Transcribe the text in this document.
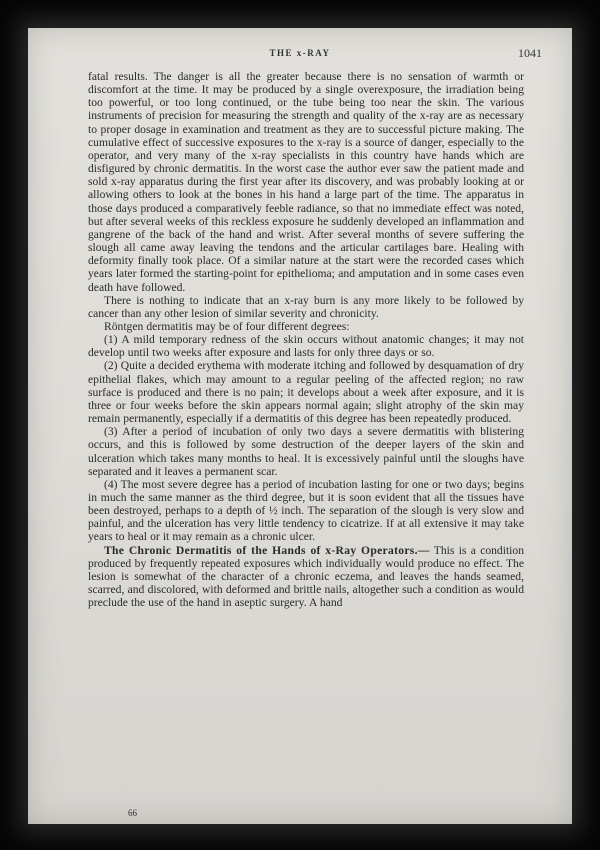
THE x-RAY	1041

fatal results. The danger is all the greater because there is no sensation of warmth or discomfort at the time. It may be produced by a single overexposure, the irradiation being too powerful, or too long continued, or the tube being too near the skin. The various instruments of precision for measuring the strength and quality of the x-ray are as necessary to proper dosage in examination and treatment as they are to successful picture making. The cumulative effect of successive exposures to the x-ray is a source of danger, especially to the operator, and very many of the x-ray specialists in this country have hands which are disfigured by chronic dermatitis. In the worst case the author ever saw the patient made and sold x-ray apparatus during the first year after its discovery, and was probably looking at or allowing others to look at the bones in his hand a large part of the time. The apparatus in those days produced a comparatively feeble radiance, so that no immediate effect was noted, but after several weeks of this reckless exposure he suddenly developed an inflammation and gangrene of the back of the hand and wrist. After several months of severe suffering the slough all came away leaving the tendons and the articular cartilages bare. Healing with deformity finally took place. Of a similar nature at the start were the recorded cases which years later formed the starting-point for epithelioma; and amputation and in some cases even death have followed.

There is nothing to indicate that an x-ray burn is any more likely to be followed by cancer than any other lesion of similar severity and chronicity.

Röntgen dermatitis may be of four different degrees:

(1) A mild temporary redness of the skin occurs without anatomic changes; it may not develop until two weeks after exposure and lasts for only three days or so.

(2) Quite a decided erythema with moderate itching and followed by desquamation of dry epithelial flakes, which may amount to a regular peeling of the affected region; no raw surface is produced and there is no pain; it develops about a week after exposure, and it is three or four weeks before the skin appears normal again; slight atrophy of the skin may remain permanently, especially if a dermatitis of this degree has been repeatedly produced.

(3) After a period of incubation of only two days a severe dermatitis with blistering occurs, and this is followed by some destruction of the deeper layers of the skin and ulceration which takes many months to heal. It is excessively painful until the sloughs have separated and it leaves a permanent scar.

(4) The most severe degree has a period of incubation lasting for one or two days; begins in much the same manner as the third degree, but it is soon evident that all the tissues have been destroyed, perhaps to a depth of ½ inch. The separation of the slough is very slow and painful, and the ulceration has very little tendency to cicatrize. If at all extensive it may take years to heal or it may remain as a chronic ulcer.

The Chronic Dermatitis of the Hands of x-Ray Operators.— This is a condition produced by frequently repeated exposures which individually would produce no effect. The lesion is somewhat of the character of a chronic eczema, and leaves the hands seamed, scarred, and discolored, with deformed and brittle nails, altogether such a condition as would preclude the use of the hand in aseptic surgery. A hand

66
